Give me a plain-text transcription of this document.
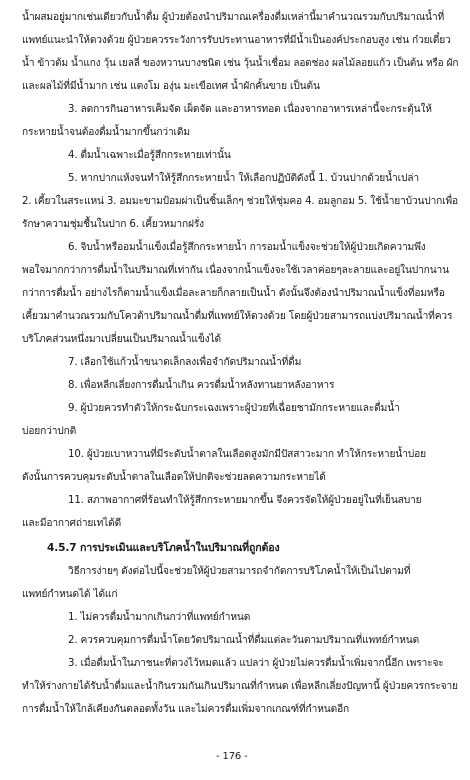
น้ำผสมอยู่มากเช่นเดียวกับน้ำดื่ม ผู้ป่วยต้องนำปริมาณเครื่องดื่มเหล่านี้มาคำนวณรวมกับปริมาณน้ำที่
แพทย์แนะนำให้ดวงด้วย ผู้ป่วยควรระวังการรับประทานอาหารที่มีน้ำเป็นองค์ประกอบสูง เช่น ก๋วยเตี๋ยว
น้ำ ข้าวต้ม น้ำแกง วุ้น เยลลี่ ของหวานบางชนิด เช่น วุ้นน้ำเชื่อม ลอดช่อง ผลไม้ลอยแก้ว เป็นต้น หรือ ผัก
และผลไม้ที่มีน้ำมาก เช่น แตงโม องุ่น มะเขือเทศ น้ำผักคั้นขาย เป็นต้น
3. ลดการกินอาหารเค็มจัด เผ็ดจัด และอาหารทอด เนื่องจากอาหารเหล่านี้จะกระตุ้นให้
กระหายน้ำจนต้องดื่มน้ำมากขึ้นกว่าเดิม
4. ดื่มน้ำเฉพาะเมื่อรู้สึกกระหายเท่านั้น
5. หากปากแห้งจนทำให้รู้สึกกระหายน้ำ ให้เลือกปฏิบัติดังนี้ 1. บ้วนปากด้วยน้ำเปล่า
2. เคี้ยวในสระแหน่ 3. อมมะขามป้อมผ่าเป็นชิ้นเล็กๆ ช่วยให้ชุ่มคอ 4. อมลูกอม 5. ใช้น้ำยาบ้วนปากเพื่อ
รักษาความชุ่มชื้นในปาก 6. เคี้ยวหมากฝรั่ง
6. จิบน้ำหรืออมน้ำแข็งเมื่อรู้สึกกระหายน้ำ การอมน้ำแข็งจะช่วยให้ผู้ป่วยเกิดความพึง
พอใจมากกว่าการดื่มน้ำในปริมาณที่เท่ากัน เนื่องจากน้ำแข็งจะใช้เวลาค่อยๆละลายและอยู่ในปากนาน
กว่าการดื่มน้ำ อย่างไรก็ตามน้ำแข็งเมื่อละลายก็กลายเป็นน้ำ ดังนั้นจึงต้องนำปริมาณน้ำแข็งที่อมหรือ
เคี้ยวมาคำนวณรวมกับโควต้าปริมาณน้ำดื่มที่แพทย์ให้ดวงด้วย โดยผู้ป่วยสามารถแบ่งปริมาณน้ำที่ควร
บริโภคส่วนหนึ่งมาเปลี่ยนเป็นปริมาณน้ำแข็งได้
7. เลือกใช้แก้วน้ำขนาดเล็กลงเพื่อจำกัดปริมาณน้ำที่ดื่ม
8. เพื่อหลีกเลี่ยงการดื่มน้ำเกิน ควรดื่มน้ำหลังทานยาหลังอาหาร
9. ผู้ป่วยควรทำตัวให้กระฉับกระเฉงเพราะผู้ป่วยที่เฉื่อยชามักกระหายและดื่มน้ำ
บ่อยกว่าปกติ
10. ผู้ป่วยเบาหวานที่มีระดับน้ำตาลในเลือดสูงมักมีปัสสาวะมาก ทำให้กระหายน้ำบ่อย
ดังนั้นการควบคุมระดับน้ำตาลในเลือดให้ปกติจะช่วยลดความกระหายได้
11. สภาพอากาศที่ร้อนทำให้รู้สึกกระหายมากขึ้น จึงควรจัดให้ผู้ป่วยอยู่ในที่เย็นสบาย
และมีอากาศถ่ายเทได้ดี
4.5.7 การประเมินและบริโภคน้ำในปริมาณที่ถูกต้อง
วิธีการง่ายๆ ดังต่อไปนี้จะช่วยให้ผู้ป่วยสามารถจำกัดการบริโภคน้ำให้เป็นไปตามที่
แพทย์กำหนดได้ ได้แก่
1. ไม่ควรดื่มน้ำมากเกินกว่าที่แพทย์กำหนด
2. ควรควบคุมการดื่มน้ำโดยวัดปริมาณน้ำที่ดื่มแต่ละวันตามปริมาณที่แพทย์กำหนด
3. เมื่อดื่มน้ำในภาชนะที่ตวงไว้หมดแล้ว แปลว่า ผู้ป่วยไม่ควรดื่มน้ำเพิ่มจากนี้อีก เพราะจะ
ทำให้ร่างกายได้รับน้ำดื่มและน้ำกินรวมกันเกินปริมาณที่กำหนด เพื่อหลีกเลี่ยงปัญหานี้ ผู้ป่วยควรกระจาย
การดื่มน้ำให้ใกล้เคียงกันตลอดทั้งวัน และไม่ควรดื่มเพิ่มจากเกณฑ์ที่กำหนดอีก
- 176 -
